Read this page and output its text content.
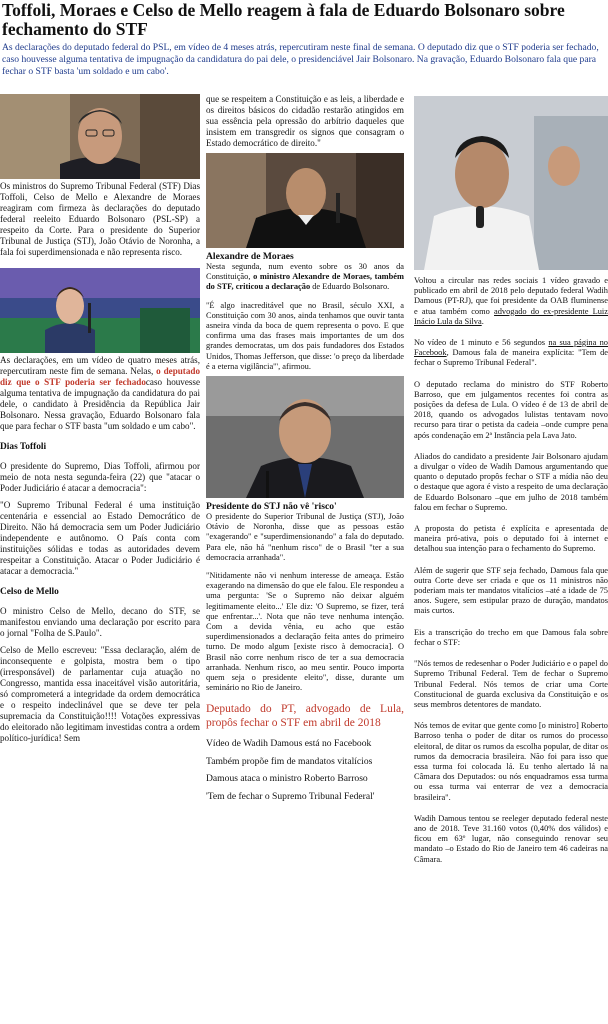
Toffoli, Moraes e Celso de Mello reagem à fala de Eduardo Bolsonaro sobre fechamento do STF
As declarações do deputado federal do PSL, em vídeo de 4 meses atrás, repercutiram neste final de semana. O deputado diz que o STF poderia ser fechado, caso houvesse alguma tentativa de impugnação da candidatura do pai dele, o presidenciável Jair Bolsonaro. Na gravação, Eduardo Bolsonaro fala que para fechar o STF basta 'um soldado e um cabo'.

Os ministros do Supremo Tribunal Federal (STF) Dias Toffoli, Celso de Mello e Alexandre de Moraes reagiram com firmeza às declarações do deputado federal reeleito Eduardo Bolsonaro (PSL-SP) a respeito da Corte. Para o presidente do Superior Tribunal de Justiça (STJ), João Otávio de Noronha, a fala foi superdimensionada e não representa risco.

As declarações, em um vídeo de quatro meses atrás, repercutiram neste fim de semana. Nelas, o deputado diz que o STF poderia ser fechadocaso houvesse alguma tentativa de impugnação da candidatura do pai dele, o candidato à Presidência da República Jair Bolsonaro. Nessa gravação, Eduardo Bolsonaro fala que para fechar o STF basta "um soldado e um cabo".

Dias Toffoli

O presidente do Supremo, Dias Toffoli, afirmou por meio de nota nesta segunda-feira (22) que "atacar o Poder Judiciário é atacar a democracia":

"O Supremo Tribunal Federal é uma instituição centenária e essencial ao Estado Democrático de Direito. Não há democracia sem um Poder Judiciário independente e autônomo. O País conta com instituições sólidas e todas as autoridades devem respeitar a Constituição. Atacar o Poder Judiciário é atacar a democracia."

Celso de Mello

O ministro Celso de Mello, decano do STF, se manifestou enviando uma declaração por escrito para o jornal "Folha de S.Paulo".

Celso de Mello escreveu: "Essa declaração, além de inconsequente e golpista, mostra bem o tipo (irresponsável) de parlamentar cuja atuação no Congresso, mantida essa inaceitável visão autoritária, só comprometerá a integridade da ordem democrática e o respeito indeclinável que se deve ter pela supremacia da Constituição!!!! Votações expressivas do eleitorado não legitimam investidas contra a ordem político-jurídica! Sem

que se respeitem a Constituição e as leis, a liberdade e os direitos básicos do cidadão restarão atingidos em sua essência pela opressão do arbítrio daqueles que insistem em transgredir os signos que consagram o Estado democrático de direito."

Alexandre de Moraes

Nesta segunda, num evento sobre os 30 anos da Constituição, o ministro Alexandre de Moraes, também do STF, criticou a declaração de Eduardo Bolsonaro.

"É algo inacreditável que no Brasil, século XXI, a Constituição com 30 anos, ainda tenhamos que ouvir tanta asneira vinda da boca de quem representa o povo. E que confirma uma das frases mais importantes de um dos grandes democratas, um dos pais fundadores dos Estados Unidos, Thomas Jefferson, que disse: 'o preço da liberdade é a eterna vigilância'", afirmou.

Presidente do STJ não vê 'risco'

O presidente do Superior Tribunal de Justiça (STJ), João Otávio de Noronha, disse que as pessoas estão "exagerando" e "superdimensionando" a fala do deputado. Para ele, não há "nenhum risco" de o Brasil "ter a sua democracia arranhada".

"Nitidamente não vi nenhum interesse de ameaça. Estão exagerando na dimensão do que ele falou. Ele respondeu a uma pergunta: 'Se o Supremo não deixar alguém legitimamente eleito...' Ele diz: 'O Supremo, se fizer, terá que enfrentar...'. Nota que não teve nenhuma intenção. Com a devida vênia, eu acho que estão superdimensionados a declaração feita antes do primeiro turno. De modo algum [existe risco à democracia]. O Brasil não corre nenhum risco de ter a sua democracia arranhada. Nenhum risco, ao meu sentir. Pouco importa quem seja o presidente eleito", disse, durante um seminário no Rio de Janeiro.

Deputado do PT, advogado de Lula, propôs fechar o STF em abril de 2018
Vídeo de Wadih Damous está no Facebook
Também propõe fim de mandatos vitalícios
Damous ataca o ministro Roberto Barroso
'Tem de fechar o Supremo Tribunal Federal'

Voltou a circular nas redes sociais 1 vídeo gravado e publicado em abril de 2018 pelo deputado federal Wadih Damous (PT-RJ), que foi presidente da OAB fluminense e atua também como advogado do ex-presidente Luiz Inácio Lula da Silva.

No vídeo de 1 minuto e 56 segundos na sua página no Facebook, Damous fala de maneira explícita: "Tem de fechar o Supremo Tribunal Federal".

O deputado reclama do ministro do STF Roberto Barroso, que em julgamentos recentes foi contra as posições da defesa de Lula. O vídeo é de 13 de abril de 2018, quando os advogados lulistas tentavam novo recurso para tirar o petista da cadeia –onde cumpre pena após condenação em 2ª Instância pela Lava Jato.

Aliados do candidato a presidente Jair Bolsonaro ajudam a divulgar o vídeo de Wadih Damous argumentando que quanto o deputado propôs fechar o STF a mídia não deu o destaque que agora é visto a respeito de uma declaração de Eduardo Bolsonaro –que em julho de 2018 também falou em fechar o Supremo.

A proposta do petista é explícita e apresentada de maneira pró-ativa, pois o deputado foi à internet e detalhou sua intenção para o fechamento do Supremo.

Além de sugerir que STF seja fechado, Damous fala que outra Corte deve ser criada e que os 11 ministros não poderiam mais ter mandatos vitalícios –até a idade de 75 anos. Sugere, sem estipular prazo de duração, mandatos mais curtos.

Eis a transcrição do trecho em que Damous fala sobre fechar o STF:

"Nós temos de redesenhar o Poder Judiciário e o papel do Supremo Tribunal Federal. Tem de fechar o Supremo Tribunal Federal. Nós temos de criar uma Corte Constitucional de guarda exclusiva da Constituição e os seus membros detentores de mandato.

Nós temos de evitar que gente como [o ministro] Roberto Barroso tenha o poder de ditar os rumos do processo eleitoral, de ditar os rumos da escolha popular, de ditar os rumos da democracia brasileira. Não foi para isso que essa turma foi colocada lá. Eu tenho alertado lá na Câmara dos Deputados: ou nós enquadramos essa turma ou essa turma vai enterrar de vez a democracia brasileira".

Wadih Damous tentou se reeleger deputado federal neste ano de 2018. Teve 31.160 votos (0,40% dos válidos) e ficou em 63º lugar, não conseguindo renovar seu mandato –o Estado do Rio de Janeiro tem 46 cadeiras na Câmara.
